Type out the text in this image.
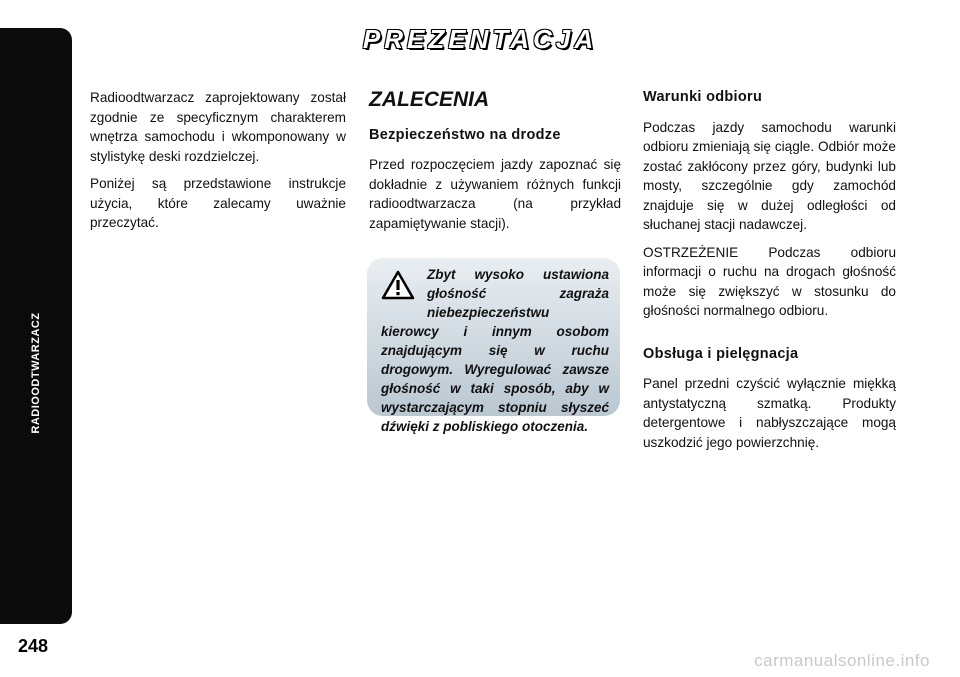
RADIOODTWARZACZ
248
PREZENTACJA

Radioodtwarzacz zaprojektowany został zgodnie ze specyficznym charakterem wnętrza samochodu i wkomponowany w stylistykę deski rozdzielczej.

Poniżej są przedstawione instrukcje użycia, które zalecamy uważnie przeczytać.

ZALECENIA
Bezpieczeństwo na drodze

Przed rozpoczęciem jazdy zapoznać się dokładnie z używaniem różnych funkcji radioodtwarzacza (na przykład zapamiętywanie stacji).

Zbyt wysoko ustawiona głośność zagraża niebezpieczeństwu kierowcy i innym osobom znajdującym się w ruchu drogowym. Wyregulować zawsze głośność w taki sposób, aby w wystarczającym stopniu słyszeć dźwięki z pobliskiego otoczenia.
Warunki odbioru

Podczas jazdy samochodu warunki odbioru zmieniają się ciągle. Odbiór może zostać zakłócony przez góry, budynki lub mosty, szczególnie gdy zamochód znajduje się w dużej odległości od słuchanej stacji nadawczej.

OSTRZEŻENIE Podczas odbioru informacji o ruchu na drogach głośność może się zwiększyć w stosunku do głośności normalnego odbioru.

Obsługa i pielęgnacja

Panel przedni czyścić wyłącznie miękką antystatyczną szmatką. Produkty detergentowe i nabłyszczające mogą uszkodzić jego powierzchnię.

carmanualsonline.info
